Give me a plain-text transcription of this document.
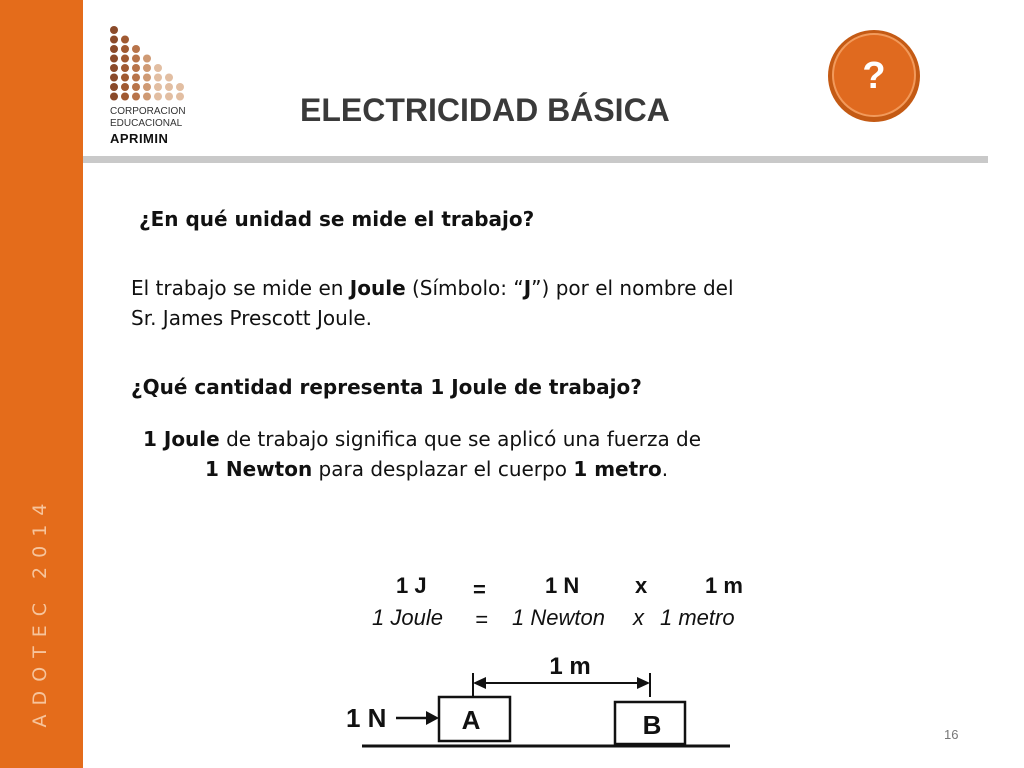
ADOTEC 2014
CORPORACION
EDUCACIONAL
APRIMIN
ELECTRICIDAD BÁSICA
?

¿En qué unidad se mide el trabajo?

El trabajo se mide en Joule (Símbolo: “J”) por el nombre del
Sr. James Prescott Joule.

¿Qué cantidad representa 1 Joule de trabajo?

1 Joule de trabajo significa que se aplicó una fuerza de

1 Newton para desplazar el cuerpo 1 metro.

1 J =	1 N	x	1 m
1 Joule = 1 Newton x 1 metro
1 m
1 N	A	B	16
